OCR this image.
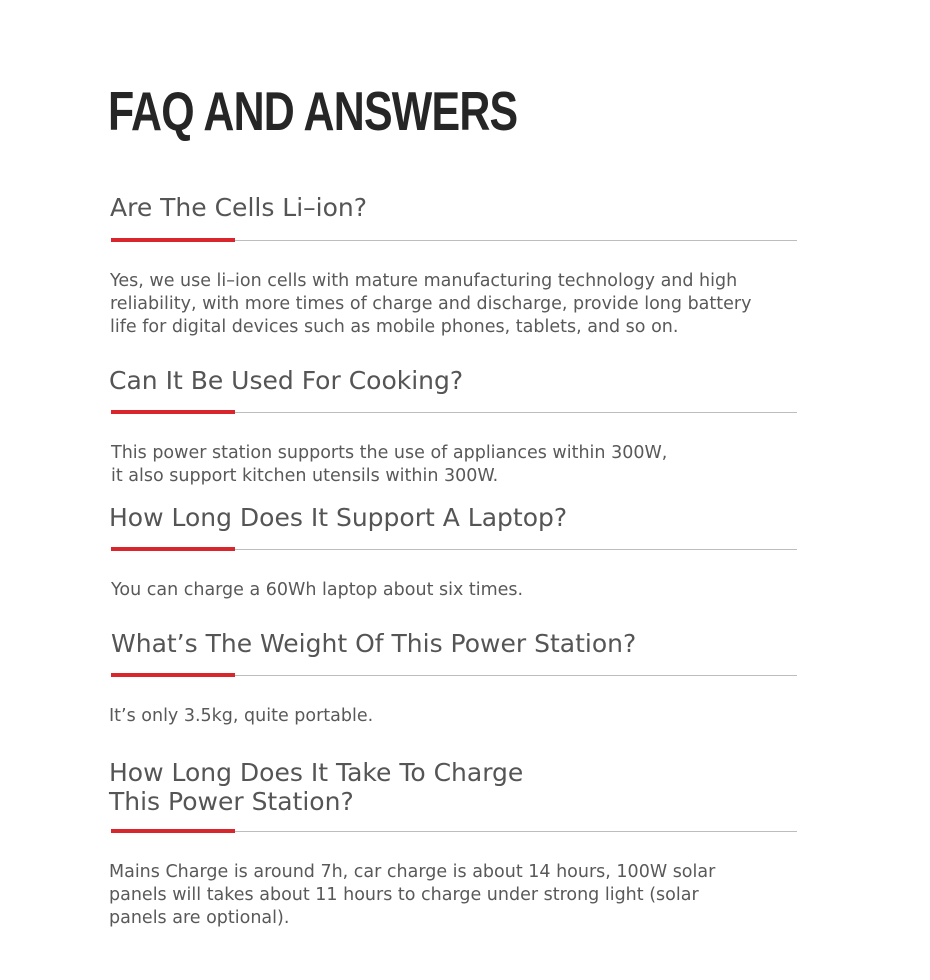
FAQ AND ANSWERS
Are The Cells Li–ion?

Yes, we use li–ion cells with mature manufacturing technology and high
reliability, with more times of charge and discharge, provide long battery
life for digital devices such as mobile phones, tablets, and so on.

Can It Be Used For Cooking?

This power station supports the use of appliances within 300W,
it also support kitchen utensils within 300W.

How Long Does It Support A Laptop?

You can charge a 60Wh laptop about six times.

What’s The Weight Of This Power Station?

It’s only 3.5kg, quite portable.

How Long Does It Take To Charge
This Power Station?

Mains Charge is around 7h, car charge is about 14 hours, 100W solar
panels will takes about 11 hours to charge under strong light (solar
panels are optional).
